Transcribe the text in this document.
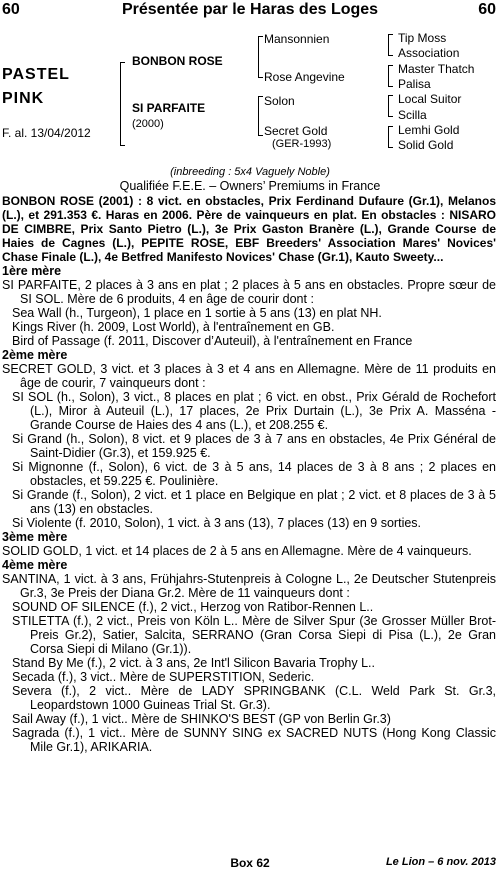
60	Présentée par le Haras des Loges	60
PASTEL
PINK
F. al. 13/04/2012
BONBON ROSE
SI PARFAITE
(2000)
Mansonnien
Rose Angevine
Solon
Secret Gold
(GER-1993)
Tip Moss
Association
Master Thatch
Palisa
Local Suitor
Scilla
Lemhi Gold
Solid Gold
(inbreeding : 5x4 Vaguely Noble)
Qualifiée F.E.E. – Owners’ Premiums in France

BONBON ROSE (2001) : 8 vict. en obstacles, Prix Ferdinand Dufaure (Gr.1), Melanos (L.), et 291.353 €. Haras en 2006. Père de vainqueurs en plat. En obstacles : NISARO DE CIMBRE, Prix Santo Pietro (L.), 3e Prix Gaston Branère (L.), Grande Course de Haies de Cagnes (L.), PEPITE ROSE, EBF Breeders' Association Mares' Novices' Chase Finale (L.), 4e Betfred Manifesto Novices' Chase (Gr.1), Kauto Sweety...

1ère mère

SI PARFAITE, 2 places à 3 ans en plat ; 2 places à 5 ans en obstacles. Propre sœur de SI SOL. Mère de 6 produits, 4 en âge de courir dont :

Sea Wall (h., Turgeon), 1 place en 1 sortie à 5 ans (13) en plat NH.

Kings River (h. 2009, Lost World), à l'entraînement en GB.

Bird of Passage (f. 2011, Discover d’Auteuil), à l'entraînement en France

2ème mère

SECRET GOLD, 3 vict. et 3 places à 3 et 4 ans en Allemagne. Mère de 11 produits en âge de courir, 7 vainqueurs dont :

SI SOL (h., Solon), 3 vict., 8 places en plat ; 6 vict. en obst., Prix Gérald de Rochefort (L.), Miror à Auteuil (L.), 17 places, 2e Prix Durtain (L.), 3e Prix A. Masséna - Grande Course de Haies des 4 ans (L.), et 208.255 €.

Si Grand (h., Solon), 8 vict. et 9 places de 3 à 7 ans en obstacles, 4e Prix Général de Saint-Didier (Gr.3), et 159.925 €.

Si Mignonne (f., Solon), 6 vict. de 3 à 5 ans, 14 places de 3 à 8 ans ; 2 places en obstacles, et 59.225 €. Poulinière.

Si Grande (f., Solon), 2 vict. et 1 place en Belgique en plat ; 2 vict. et 8 places de 3 à 5 ans (13) en obstacles.

Si Violente (f. 2010, Solon), 1 vict. à 3 ans (13), 7 places (13) en 9 sorties.

3ème mère

SOLID GOLD, 1 vict. et 14 places de 2 à 5 ans en Allemagne. Mère de 4 vainqueurs.

4ème mère

SANTINA, 1 vict. à 3 ans, Frühjahrs-Stutenpreis à Cologne L., 2e Deutscher Stutenpreis Gr.3, 3e Preis der Diana Gr.2. Mère de 11 vainqueurs dont :

SOUND OF SILENCE (f.), 2 vict., Herzog von Ratibor-Rennen L..

STILETTA (f.), 2 vict., Preis von Köln L.. Mère de Silver Spur (3e Grosser Müller Brot-Preis Gr.2), Satier, Salcita, SERRANO (Gran Corsa Siepi di Pisa (L.), 2e Gran Corsa Siepi di Milano (Gr.1)).

Stand By Me (f.), 2 vict. à 3 ans, 2e Int'l Silicon Bavaria Trophy L..

Secada (f.), 3 vict.. Mère de SUPERSTITION, Sederic.

Severa (f.), 2 vict.. Mère de LADY SPRINGBANK (C.L. Weld Park St. Gr.3, Leopardstown 1000 Guineas Trial St. Gr.3).

Sail Away (f.), 1 vict.. Mère de SHINKO'S BEST (GP von Berlin Gr.3)

Sagrada (f.), 1 vict.. Mère de SUNNY SING ex SACRED NUTS (Hong Kong Classic Mile Gr.1), ARIKARIA.

Box 62	Le Lion – 6 nov. 2013
